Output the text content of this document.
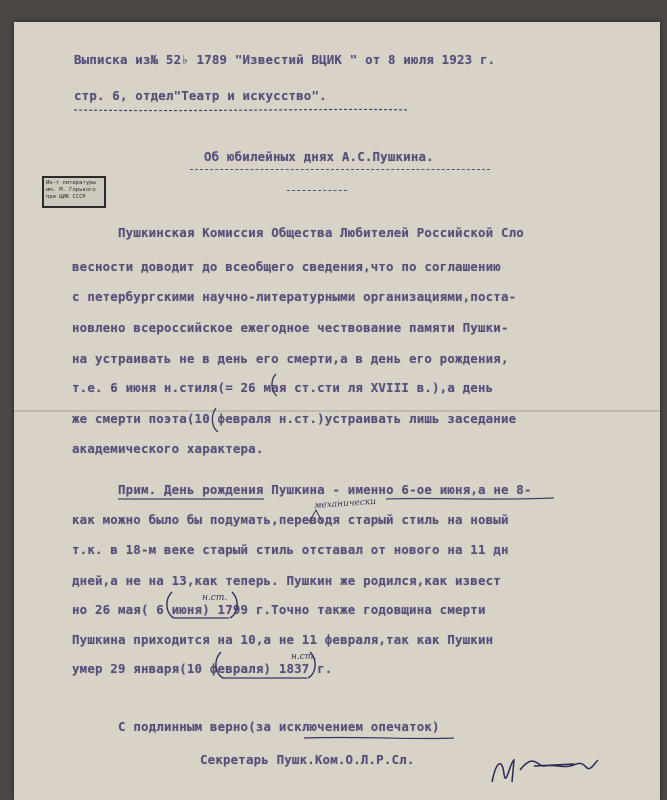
Выписка из№ 52♭ 1789 "Известий ВЦИК " от 8 июля 1923 г.
стр. 6, отдел"Театр и искусство".
Об юбилейных днях А.С.Пушкина.
Ин-т литературы
им. М. Горького
при ЦИК СССР
Пушкинская Комиссия Общества Любителей Российской Сло
весности доводит до всеобщего сведения,что по соглашению
с петербургскими научно-литературными организациями,поста-
новлено всероссийское ежегодное чествование памяти Пушки-
на устраивать не в день его смерти,а в день его рождения,
т.е. 6 июня н.стиля(= 26 мая ст.сти ля XVIII в.),а день
же смерти поэта(10 февраля н.ст.)устраивать лишь заседание
академического характера.
Прим. День рождения Пушкина - именно 6-ое июня,а не 8-
как можно было бы подумать,переводя старый стиль на новый
т.к. в 18-м веке старый стиль отставал от нового на 11 дн
дней,а не на 13,как теперь. Пушкин же родился,как извест
но 26 мая( 6 июня) 1799 г.Точно также годовщина смерти
Пушкина приходится на 10,а не 11 февраля,так как Пушкин
умер 29 января(10 февраля) 1837 г.
механически
н.ст.
н.ст.
С подлинным верно(за исключением опечаток)
Секретарь Пушк.Ком.О.Л.Р.Сл.
